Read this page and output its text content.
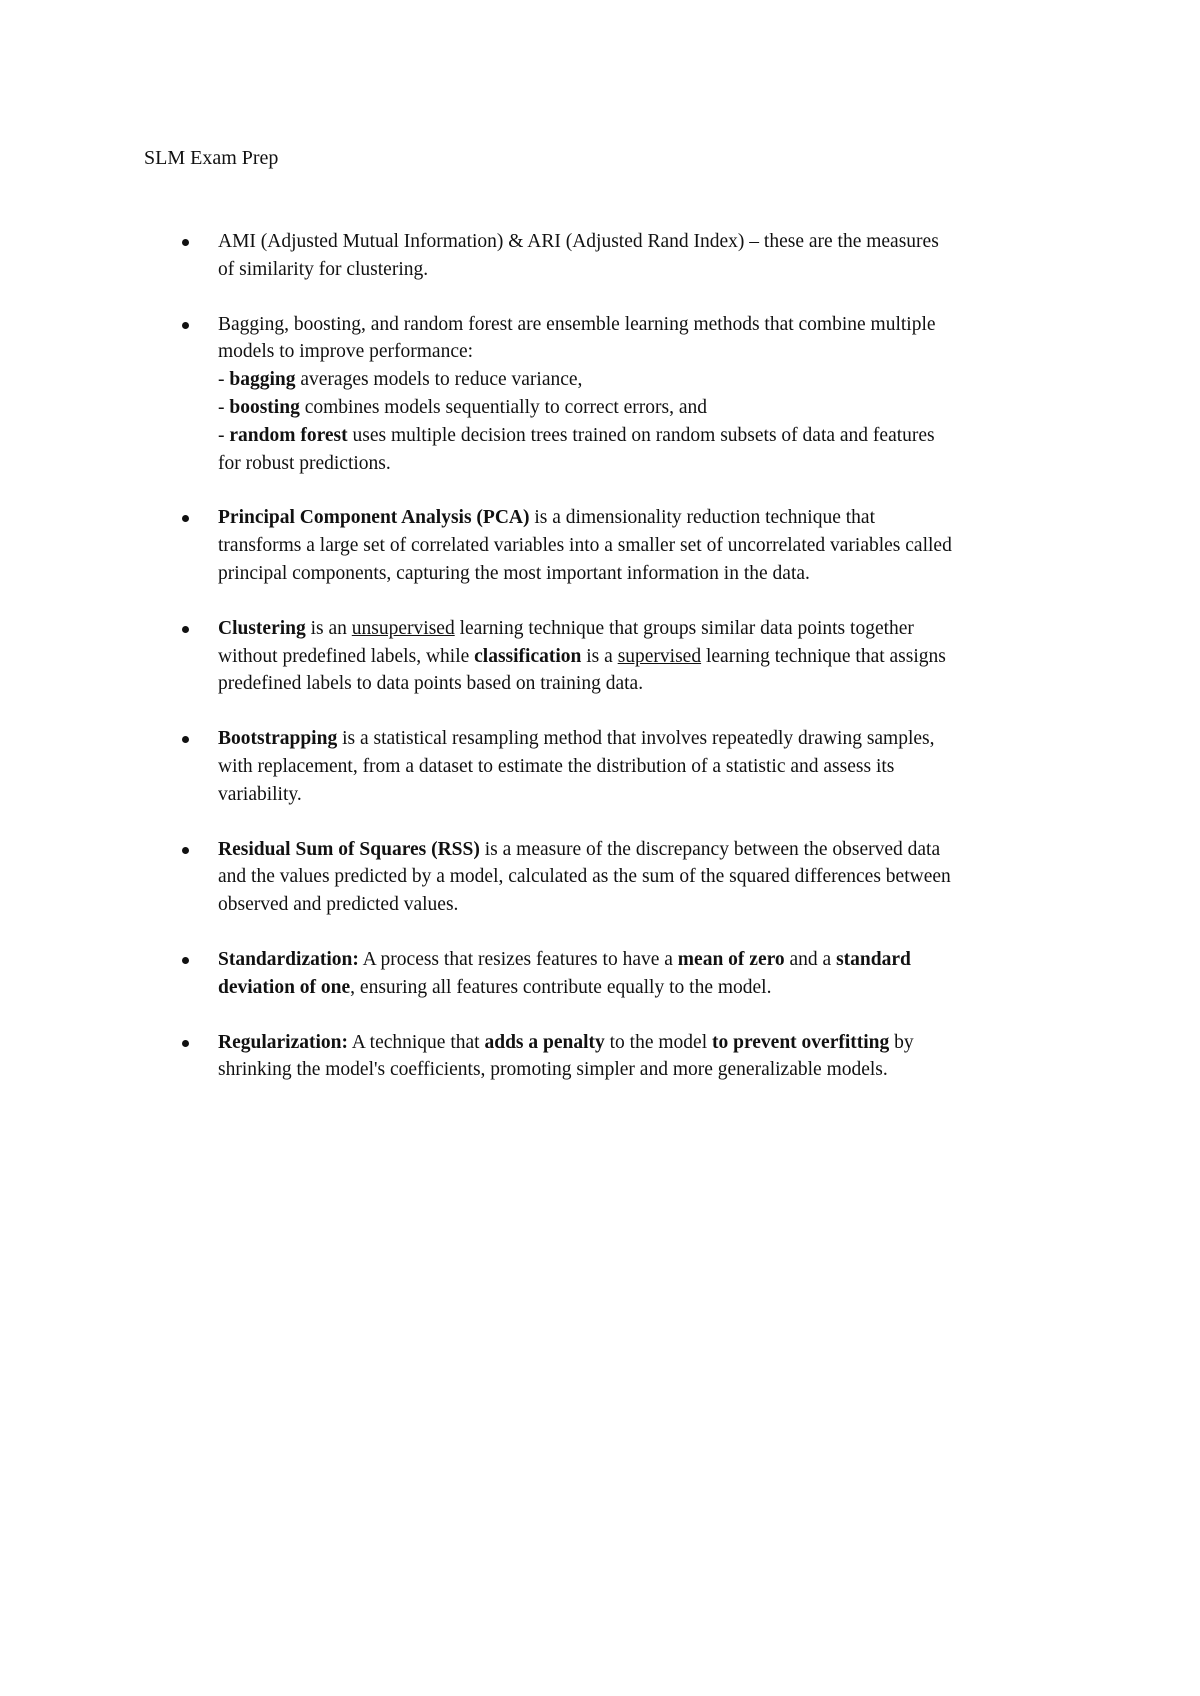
SLM Exam Prep
AMI (Adjusted Mutual Information) & ARI (Adjusted Rand Index) – these are the measures
of similarity for clustering.
Bagging, boosting, and random forest are ensemble learning methods that combine multiple
models to improve performance:
- bagging averages models to reduce variance,
- boosting combines models sequentially to correct errors, and
- random forest uses multiple decision trees trained on random subsets of data and features
for robust predictions.
Principal Component Analysis (PCA) is a dimensionality reduction technique that
transforms a large set of correlated variables into a smaller set of uncorrelated variables called
principal components, capturing the most important information in the data.
Clustering is an unsupervised learning technique that groups similar data points together
without predefined labels, while classification is a supervised learning technique that assigns
predefined labels to data points based on training data.
Bootstrapping is a statistical resampling method that involves repeatedly drawing samples,
with replacement, from a dataset to estimate the distribution of a statistic and assess its
variability.
Residual Sum of Squares (RSS) is a measure of the discrepancy between the observed data
and the values predicted by a model, calculated as the sum of the squared differences between
observed and predicted values.
Standardization: A process that resizes features to have a mean of zero and a standard
deviation of one, ensuring all features contribute equally to the model.
Regularization: A technique that adds a penalty to the model to prevent overfitting by
shrinking the model's coefficients, promoting simpler and more generalizable models.
